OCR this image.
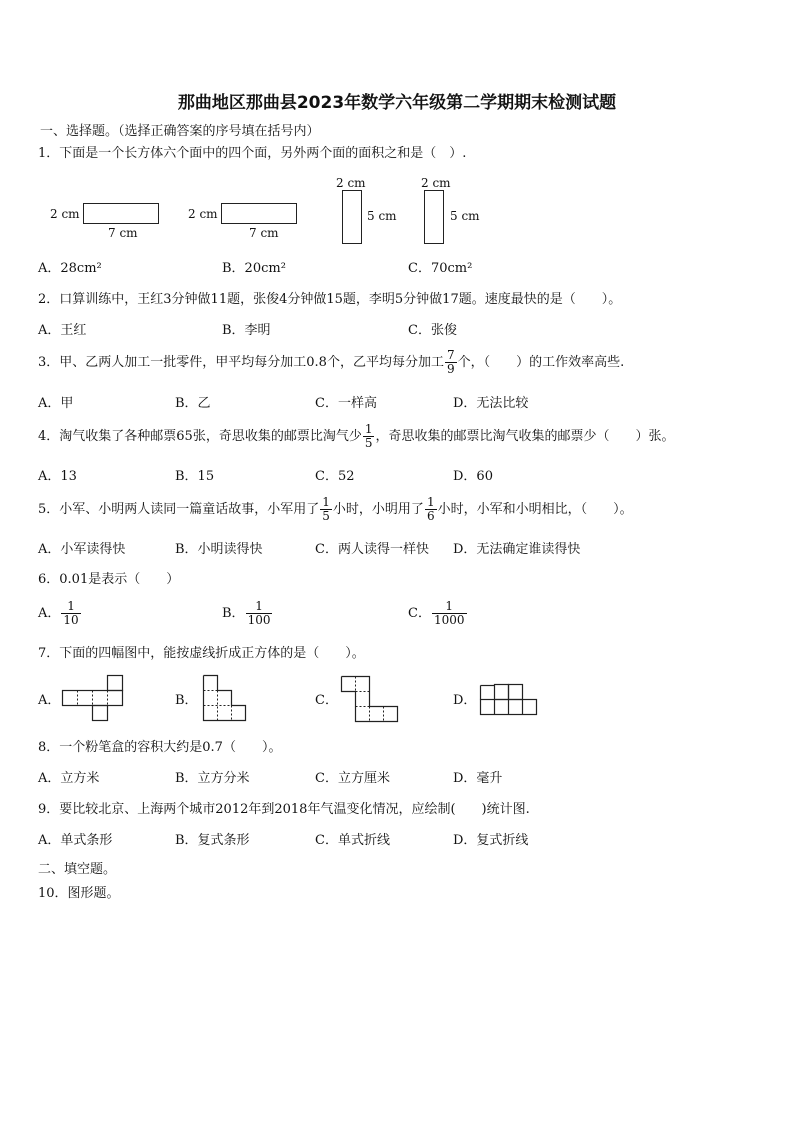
那曲地区那曲县2023年数学六年级第二学期期末检测试题
一、选择题。（选择正确答案的序号填在括号内）
1．下面是一个长方体六个面中的四个面，另外两个面的面积之和是（　）.
2 cm
7 cm
2 cm
7 cm
2 cm
5 cm
2 cm
5 cm
A．28cm²	B．20cm²	C．70cm²
2．口算训练中，王红3分钟做11题，张俊4分钟做15题，李明5分钟做17题。速度最快的是（　　）。
A．王红	B．李明	C．张俊
3．甲、乙两人加工一批零件，甲平均每分加工0.8个，乙平均每分加工 $\frac{7}{9}$ 个，（　　）的工作效率高些.
A．甲	B．乙	C．一样高	D．无法比较
4．淘气收集了各种邮票65张，奇思收集的邮票比淘气少 $\frac{1}{5}$ ，奇思收集的邮票比淘气收集的邮票少（　　）张。
A．13	B．15	C．52	D．60
5．小军、小明两人读同一篇童话故事，小军用了 $\frac{1}{5}$ 小时，小明用了 $\frac{1}{6}$ 小时，小军和小明相比，（　　）。
A．小军读得快	B．小明读得快	C．两人读得一样快 D．无法确定谁读得快
6．0.01是表示（　　）
A． $\frac{1}{10}$	B． $\frac{1}{100}$	C． $\frac{1}{1000}$
7．下面的四幅图中，能按虚线折成正方体的是（　　）。
A．	B．	C．	D．
8．一个粉笔盒的容积大约是0.7（　　）。
A．立方米	B．立方分米	C．立方厘米	D．毫升
9．要比较北京、上海两个城市2012年到2018年气温变化情况，应绘制(　　)统计图.
A．单式条形	B．复式条形	C．单式折线	D．复式折线
二、填空题。
10．图形题。
